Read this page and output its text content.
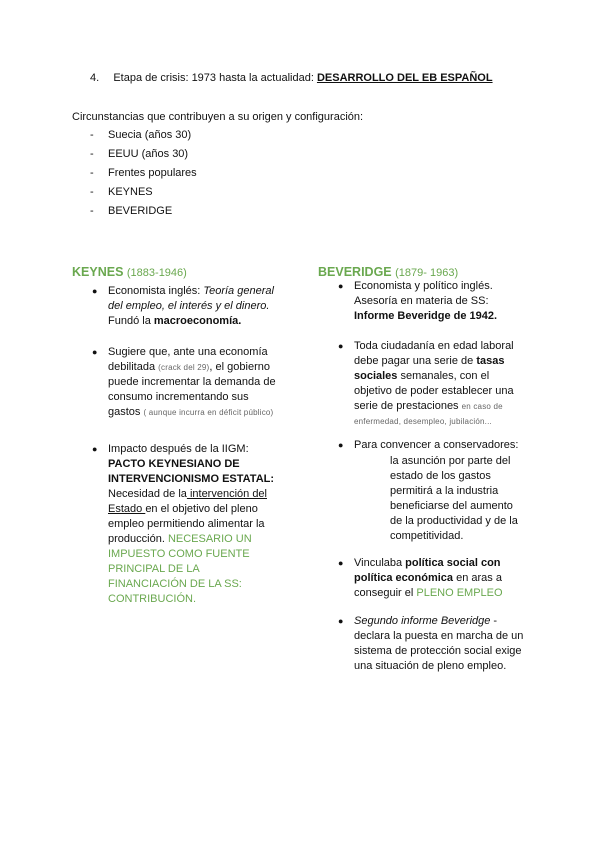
4. Etapa de crisis: 1973 hasta la actualidad: DESARROLLO DEL EB ESPAÑOL
Circunstancias que contribuyen a su origen y configuración:
- Suecia (años 30)
- EEUU (años 30)
- Frentes populares
- KEYNES
- BEVERIDGE
KEYNES (1883-1946)
● Economista inglés: Teoría general del empleo, el interés y el dinero. Fundó la macroeconomía.
● Sugiere que, ante una economía debilitada (crack del 29), el gobierno puede incrementar la demanda de consumo incrementando sus gastos ( aunque incurra en déficit público)
● Impacto después de la IIGM:
PACTO KEYNESIANO DE INTERVENCIONISMO ESTATAL: Necesidad de la intervención del Estado en el objetivo del pleno empleo permitiendo alimentar la producción. NECESARIO UN IMPUESTO COMO FUENTE PRINCIPAL DE LA FINANCIACIÓN DE LA SS: CONTRIBUCIÓN.
BEVERIDGE (1879- 1963)
● Economista y político inglés. Asesoría en materia de SS: Informe Beveridge de 1942.
● Toda ciudadanía en edad laboral debe pagar una serie de tasas sociales semanales, con el objetivo de poder establecer una serie de prestaciones en caso de enfermedad, desempleo, jubilación...
● Para convencer a conservadores:
la asunción por parte del estado de los gastos permitirá a la industria beneficiarse del aumento de la productividad y de la competitividad.
● Vinculaba política social con política económica en aras a conseguir el PLENO EMPLEO
● Segundo informe Beveridge - declara la puesta en marcha de un sistema de protección social exige una situación de pleno empleo.
